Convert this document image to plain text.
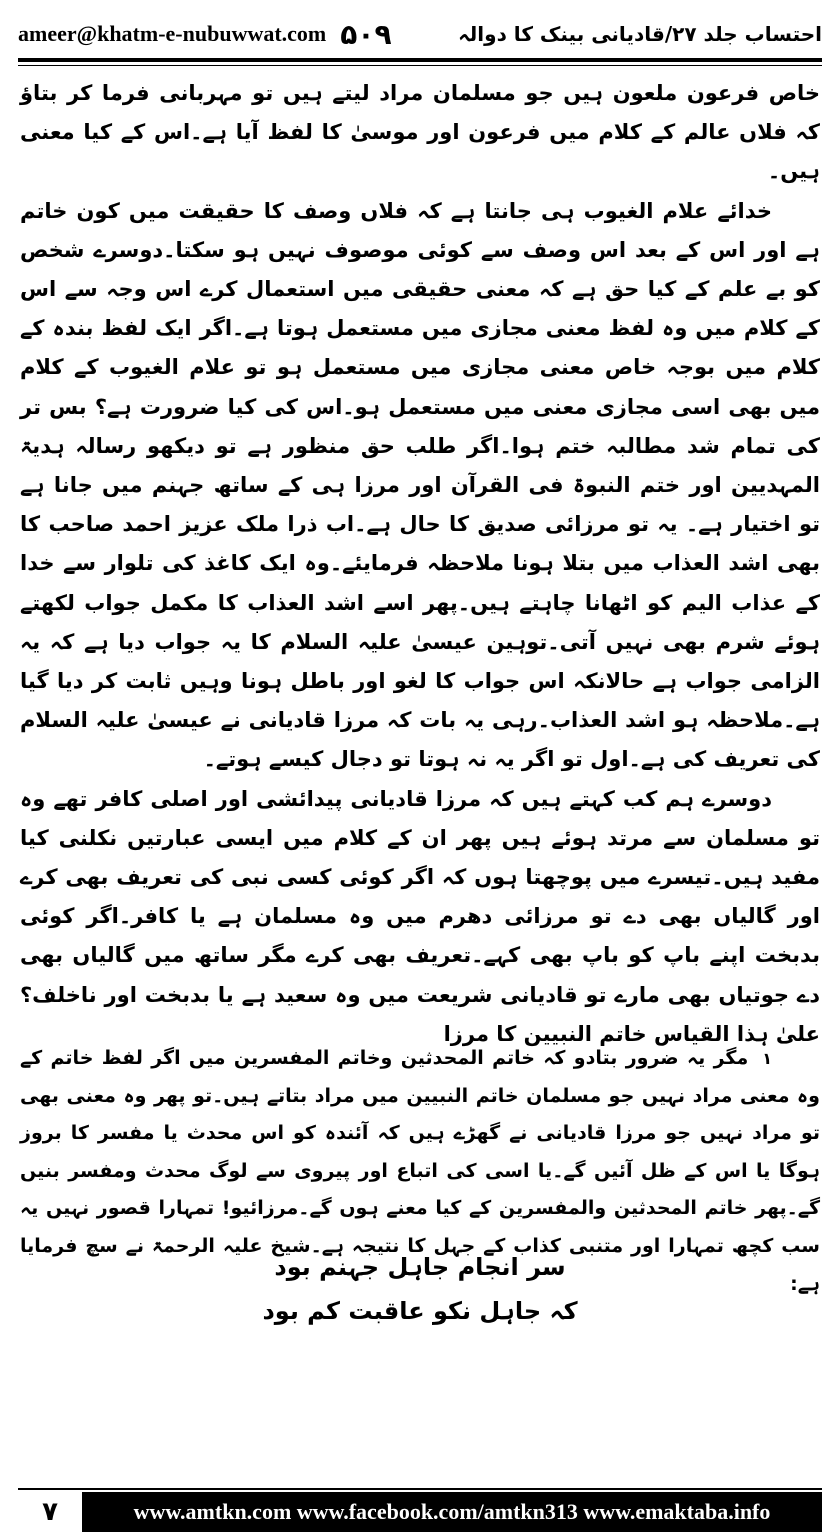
ameer@khatm-e-nubuwwat.com ۵۰۹	احتساب جلد ۲۷/قادیانی بینک کا دوالہ

خاص فرعون ملعون ہیں جو مسلمان مراد لیتے ہیں تو مہربانی فرما کر بتاؤ کہ فلاں عالم کے کلام میں فرعون اور موسیٰ کا لفظ آیا ہے۔اس کے کیا معنی ہیں۔

خدائے علام الغیوب ہی جانتا ہے کہ فلاں وصف کا حقیقت میں کون خاتم ہے اور اس کے بعد اس وصف سے کوئی موصوف نہیں ہو سکتا۔دوسرے شخص کو بے علم کے کیا حق ہے کہ معنی حقیقی میں استعمال کرے اس وجہ سے اس کے کلام میں وہ لفظ معنی مجازی میں مستعمل ہوتا ہے۔اگر ایک لفظ بندہ کے کلام میں بوجہ خاص معنی مجازی میں مستعمل ہو تو علام الغیوب کے کلام میں بھی اسی مجازی معنی میں مستعمل ہو۔اس کی کیا ضرورت ہے؟ بس تر کی تمام شد مطالبہ ختم ہوا۔اگر طلب حق منظور ہے تو دیکھو رسالہ ہدیۃ المہدیین اور ختم النبوۃ فی القرآن اور مرزا ہی کے ساتھ جہنم میں جانا ہے تو اختیار ہے۔ یہ تو مرزائی صدیق کا حال ہے۔اب ذرا ملک عزیز احمد صاحب کا بھی اشد العذاب میں بتلا ہونا ملاحظہ فرمایئے۔وہ ایک کاغذ کی تلوار سے خدا کے عذاب الیم کو اٹھانا چاہتے ہیں۔پھر اسے اشد العذاب کا مکمل جواب لکھتے ہوئے شرم بھی نہیں آتی۔توہین عیسیٰ علیہ السلام کا یہ جواب دیا ہے کہ یہ الزامی جواب ہے حالانکہ اس جواب کا لغو اور باطل ہونا وہیں ثابت کر دیا گیا ہے۔ملاحظہ ہو اشد العذاب۔رہی یہ بات کہ مرزا قادیانی نے عیسیٰ علیہ السلام کی تعریف کی ہے۔اول تو اگر یہ نہ ہوتا تو دجال کیسے ہوتے۔

دوسرے ہم کب کہتے ہیں کہ مرزا قادیانی پیدائشی اور اصلی کافر تھے وہ تو مسلمان سے مرتد ہوئے ہیں پھر ان کے کلام میں ایسی عبارتیں نکلنی کیا مفید ہیں۔تیسرے میں پوچھتا ہوں کہ اگر کوئی کسی نبی کی تعریف بھی کرے اور گالیاں بھی دے تو مرزائی دھرم میں وہ مسلمان ہے یا کافر۔اگر کوئی بدبخت اپنے باپ کو باپ بھی کہے۔تعریف بھی کرے مگر ساتھ میں گالیاں بھی دے جوتیاں بھی مارے تو قادیانی شریعت میں وہ سعید ہے یا بدبخت اور ناخلف؟ علیٰ ہذا القیاس خاتم النبیین کا مرزا

۱مگر یہ ضرور بتادو کہ خاتم المحدثین وخاتم المفسرین میں اگر لفظ خاتم کے وہ معنی مراد نہیں جو مسلمان خاتم النبیین میں مراد بتاتے ہیں۔تو پھر وہ معنی بھی تو مراد نہیں جو مرزا قادیانی نے گھڑے ہیں کہ آئندہ کو اس محدث یا مفسر کا بروز ہوگا یا اس کے ظل آئیں گے۔یا اسی کی اتباع اور پیروی سے لوگ محدث ومفسر بنیں گے۔پھر خاتم المحدثین والمفسرین کے کیا معنے ہوں گے۔مرزائیو! تمہارا قصور نہیں یہ سب کچھ تمہارا اور متنبی کذاب کے جہل کا نتیجہ ہے۔شیخ علیہ الرحمۃ نے سچ فرمایا ہے:

سر انجام جاہل جہنم بود
کہ جاہل نکو عاقبت کم بود
۷	www.amtkn.com www.facebook.com/amtkn313 www.emaktaba.info
